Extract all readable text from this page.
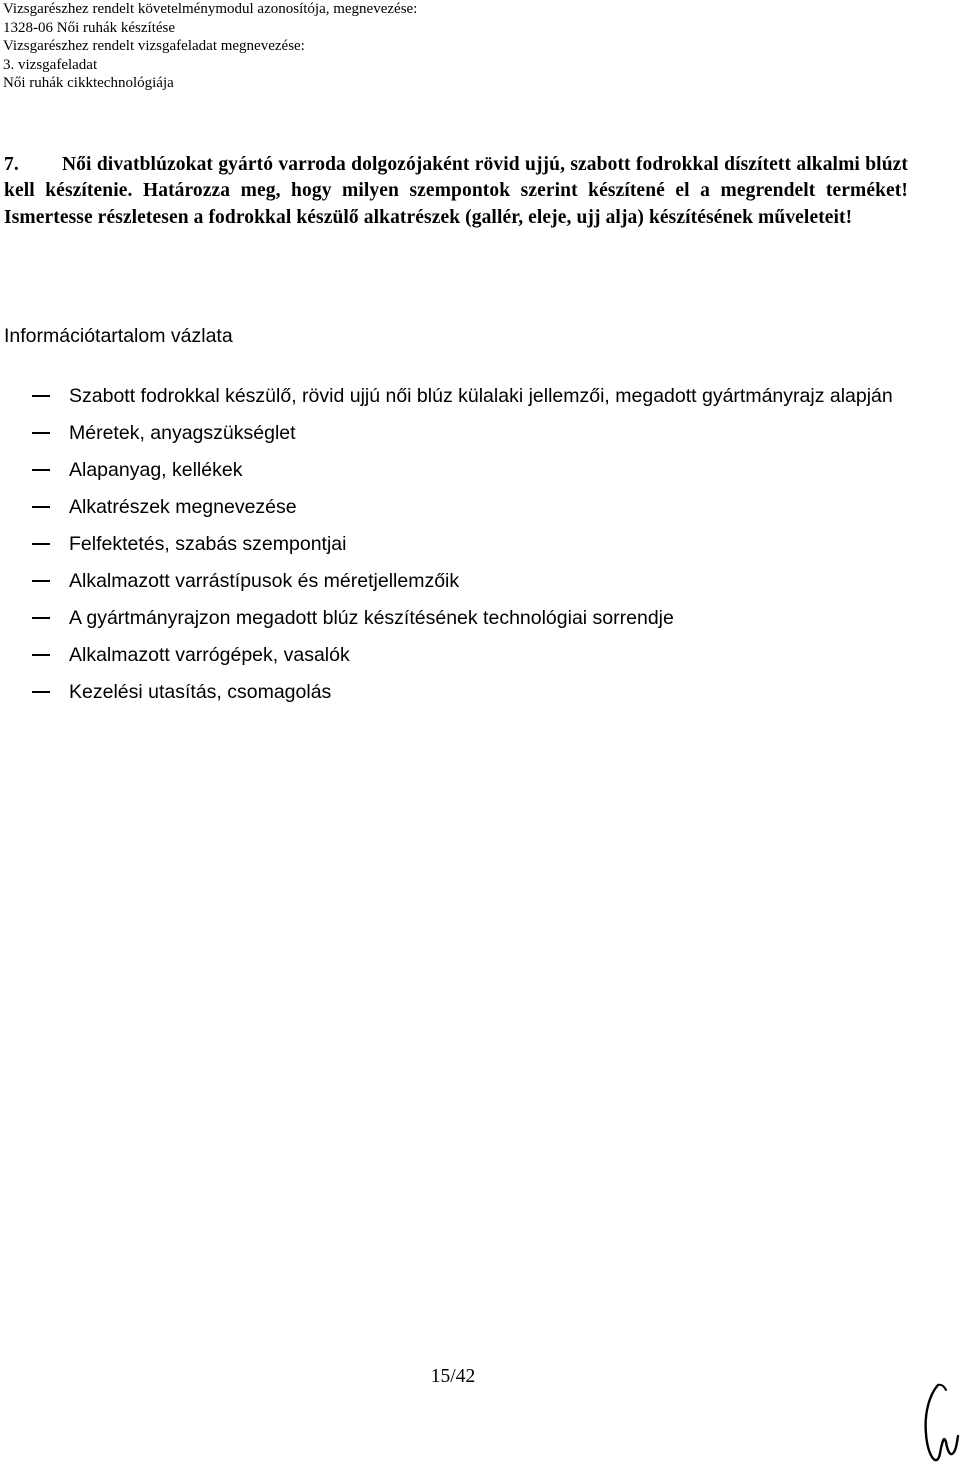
Vizsgarészhez rendelt követelménymodul azonosítója, megnevezése:
1328-06 Női ruhák készítése
Vizsgarészhez rendelt vizsgafeladat megnevezése:
3. vizsgafeladat
Női ruhák cikktechnológiája
7. Női divatblúzokat gyártó varroda dolgozójaként rövid ujjú, szabott fodrokkal díszített alkalmi blúzt kell készítenie. Határozza meg, hogy milyen szempontok szerint készítené el a megrendelt terméket! Ismertesse részletesen a fodrokkal készülő alkatrészek (gallér, eleje, ujj alja) készítésének műveleteit!
Információtartalom vázlata
Szabott fodrokkal készülő, rövid ujjú női blúz külalaki jellemzői, megadott gyártmányrajz alapján
Méretek, anyagszükséglet
Alapanyag, kellékek
Alkatrészek megnevezése
Felfektetés, szabás szempontjai
Alkalmazott varrástípusok és méretjellemzőik
A gyártmányrajzon megadott blúz készítésének technológiai sorrendje
Alkalmazott varrógépek, vasalók
Kezelési utasítás, csomagolás
15/42
